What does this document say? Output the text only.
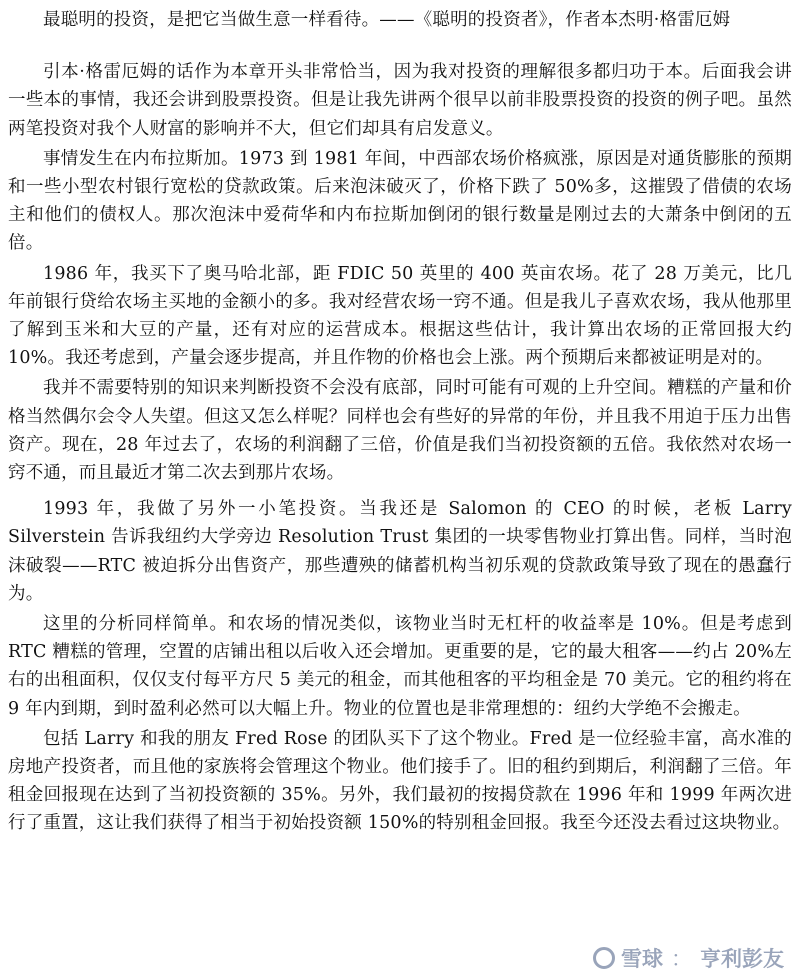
最聪明的投资，是把它当做生意一样看待。——《聪明的投资者》，作者本杰明·格雷厄姆

引本·格雷厄姆的话作为本章开头非常恰当，因为我对投资的理解很多都归功于本。后面我会讲一些本的事情，我还会讲到股票投资。但是让我先讲两个很早以前非股票投资的投资的例子吧。虽然两笔投资对我个人财富的影响并不大，但它们却具有启发意义。

事情发生在内布拉斯加。1973 到 1981 年间，中西部农场价格疯涨，原因是对通货膨胀的预期和一些小型农村银行宽松的贷款政策。后来泡沫破灭了，价格下跌了 50%多，这摧毁了借债的农场主和他们的债权人。那次泡沫中爱荷华和内布拉斯加倒闭的银行数量是刚过去的大萧条中倒闭的五倍。

1986 年，我买下了奥马哈北部，距 FDIC 50 英里的 400 英亩农场。花了 28 万美元，比几年前银行贷给农场主买地的金额小的多。我对经营农场一窍不通。但是我儿子喜欢农场，我从他那里了解到玉米和大豆的产量，还有对应的运营成本。根据这些估计，我计算出农场的正常回报大约 10%。我还考虑到，产量会逐步提高，并且作物的价格也会上涨。两个预期后来都被证明是对的。

我并不需要特别的知识来判断投资不会没有底部，同时可能有可观的上升空间。糟糕的产量和价格当然偶尔会令人失望。但这又怎么样呢？同样也会有些好的异常的年份，并且我不用迫于压力出售资产。现在，28 年过去了，农场的利润翻了三倍，价值是我们当初投资额的五倍。我依然对农场一窍不通，而且最近才第二次去到那片农场。

1993 年，我做了另外一小笔投资。当我还是 Salomon 的 CEO 的时候，老板 Larry Silverstein 告诉我纽约大学旁边 Resolution Trust 集团的一块零售物业打算出售。同样，当时泡沫破裂——RTC 被迫拆分出售资产，那些遭殃的储蓄机构当初乐观的贷款政策导致了现在的愚蠢行为。

这里的分析同样简单。和农场的情况类似，该物业当时无杠杆的收益率是 10%。但是考虑到 RTC 糟糕的管理，空置的店铺出租以后收入还会增加。更重要的是，它的最大租客——约占 20%左右的出租面积，仅仅支付每平方尺 5 美元的租金，而其他租客的平均租金是 70 美元。它的租约将在 9 年内到期，到时盈利必然可以大幅上升。物业的位置也是非常理想的：纽约大学绝不会搬走。

包括 Larry 和我的朋友 Fred Rose 的团队买下了这个物业。Fred 是一位经验丰富，高水准的房地产投资者，而且他的家族将会管理这个物业。他们接手了。旧的租约到期后，利润翻了三倍。年租金回报现在达到了当初投资额的 35%。另外，我们最初的按揭贷款在 1996 年和 1999 年两次进行了重置，这让我们获得了相当于初始投资额 150%的特别租金回报。我至今还没去看过这块物业。

雪球 ： 亨利彭友
